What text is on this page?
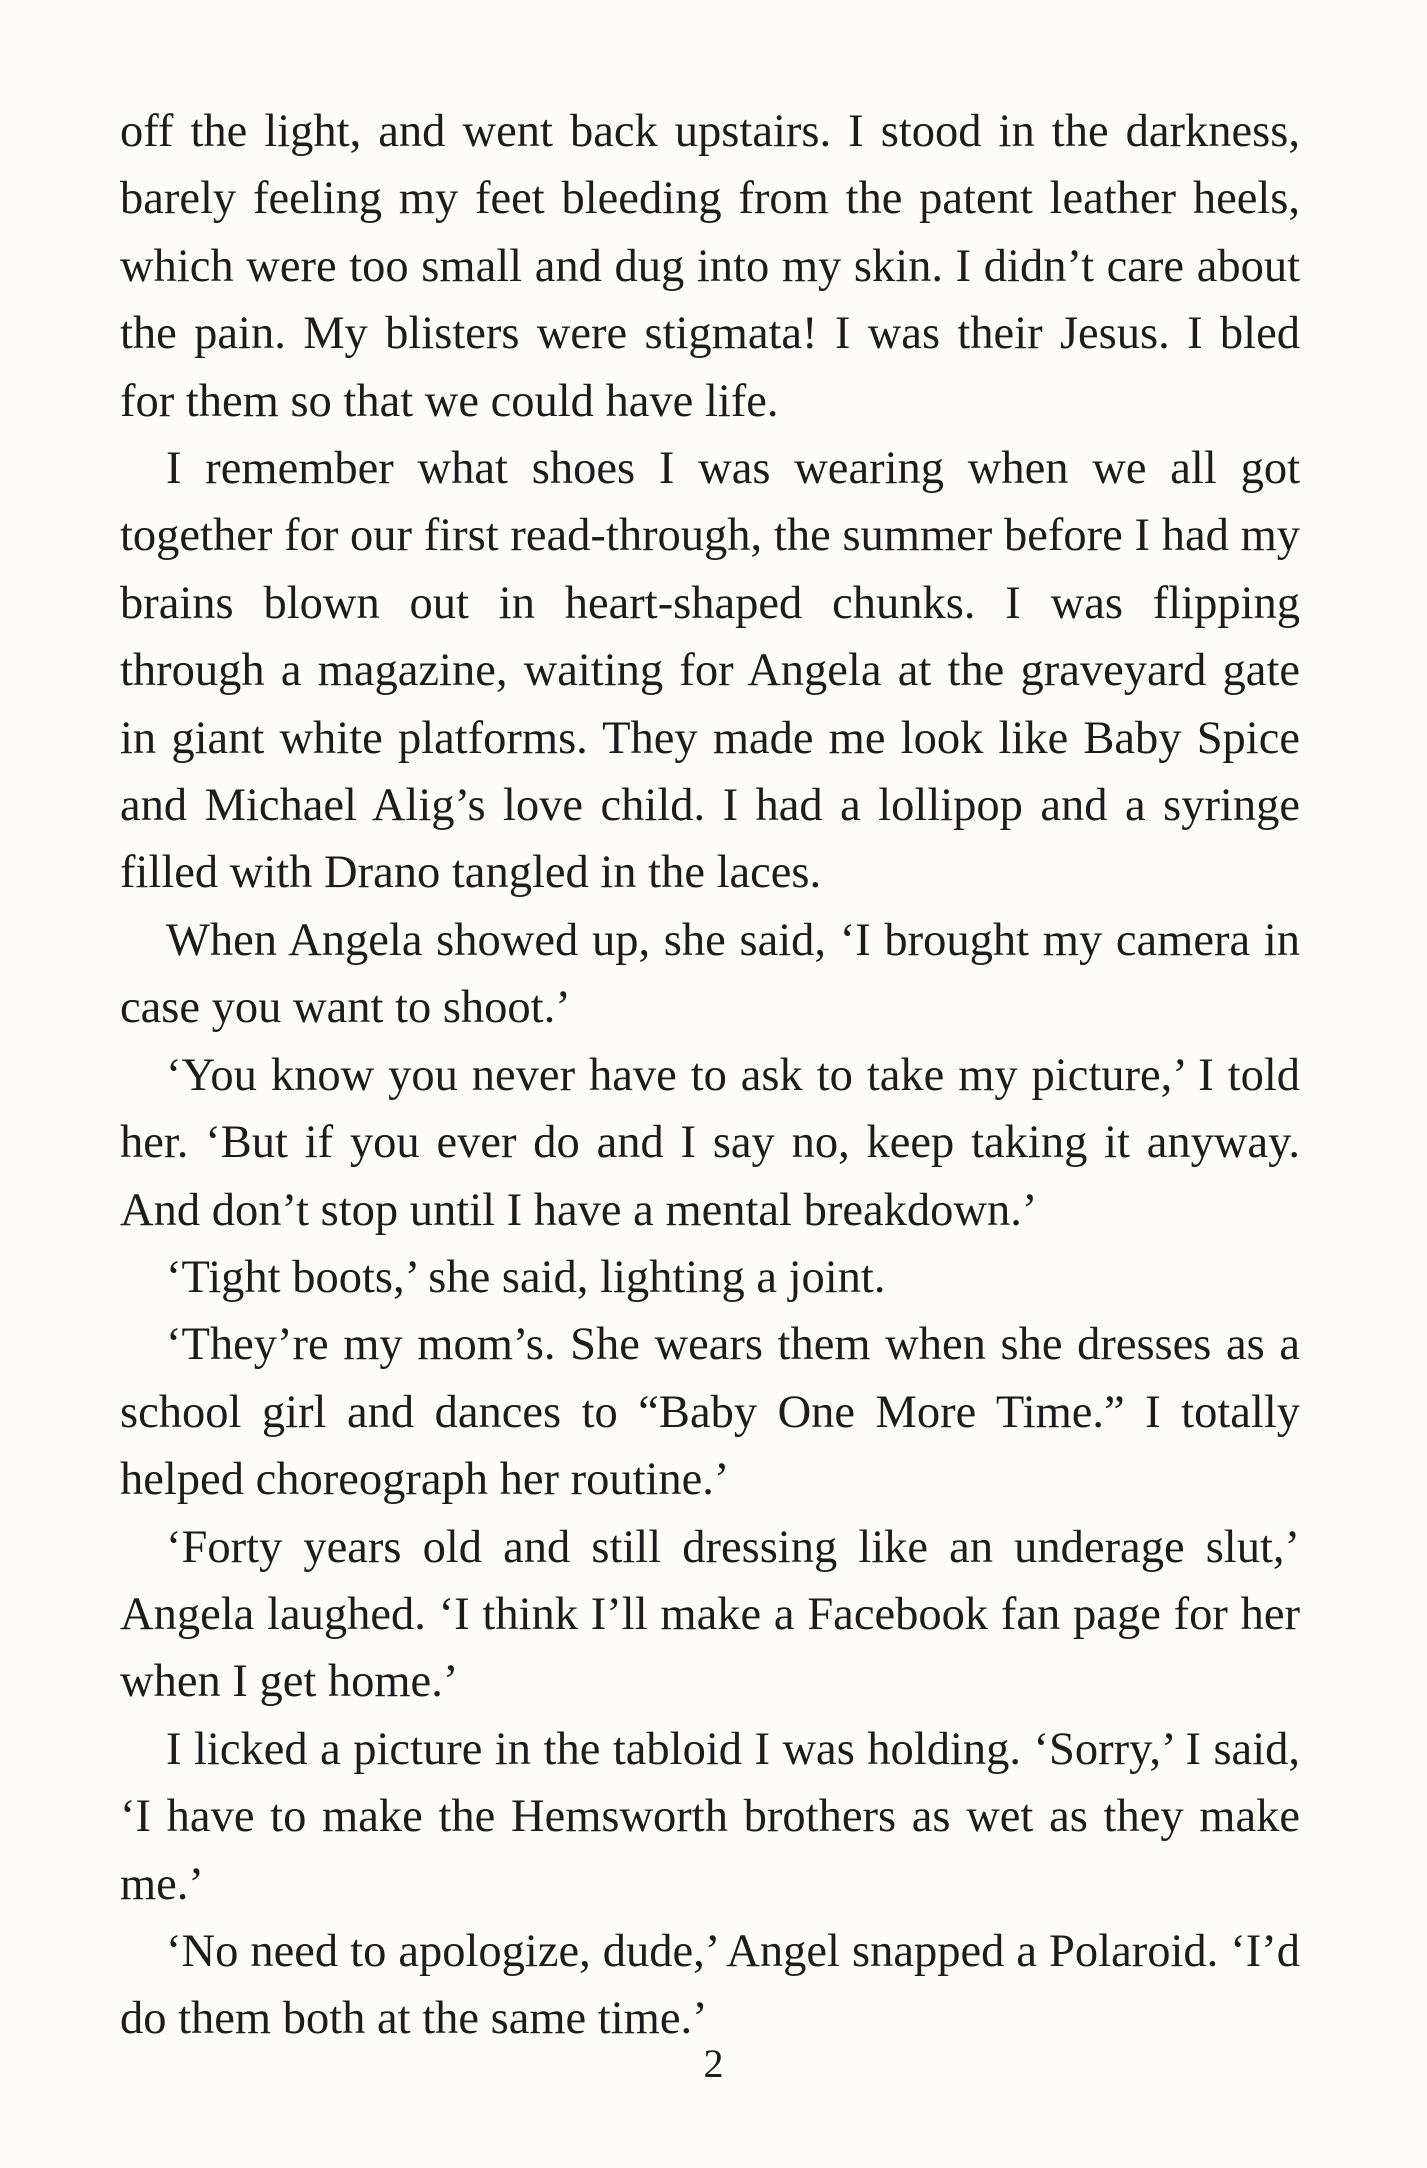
off the light, and went back upstairs. I stood in the darkness, barely feeling my feet bleeding from the patent leather heels, which were too small and dug into my skin. I didn’t care about the pain. My blisters were stigmata! I was their Jesus. I bled for them so that we could have life.

I remember what shoes I was wearing when we all got together for our first read-through, the summer before I had my brains blown out in heart-shaped chunks. I was flipping through a magazine, waiting for Angela at the graveyard gate in giant white platforms. They made me look like Baby Spice and Michael Alig’s love child. I had a lollipop and a syringe filled with Drano tangled in the laces.

When Angela showed up, she said, ‘I brought my camera in case you want to shoot.’

‘You know you never have to ask to take my picture,’ I told her. ‘But if you ever do and I say no, keep taking it anyway. And don’t stop until I have a mental breakdown.’

‘Tight boots,’ she said, lighting a joint.

‘They’re my mom’s. She wears them when she dresses as a school girl and dances to “Baby One More Time.” I totally helped choreograph her routine.’

‘Forty years old and still dressing like an underage slut,’ Angela laughed. ‘I think I’ll make a Facebook fan page for her when I get home.’

I licked a picture in the tabloid I was holding. ‘Sorry,’ I said, ‘I have to make the Hemsworth brothers as wet as they make me.’

‘No need to apologize, dude,’ Angel snapped a Polaroid. ‘I’d do them both at the same time.’

2
